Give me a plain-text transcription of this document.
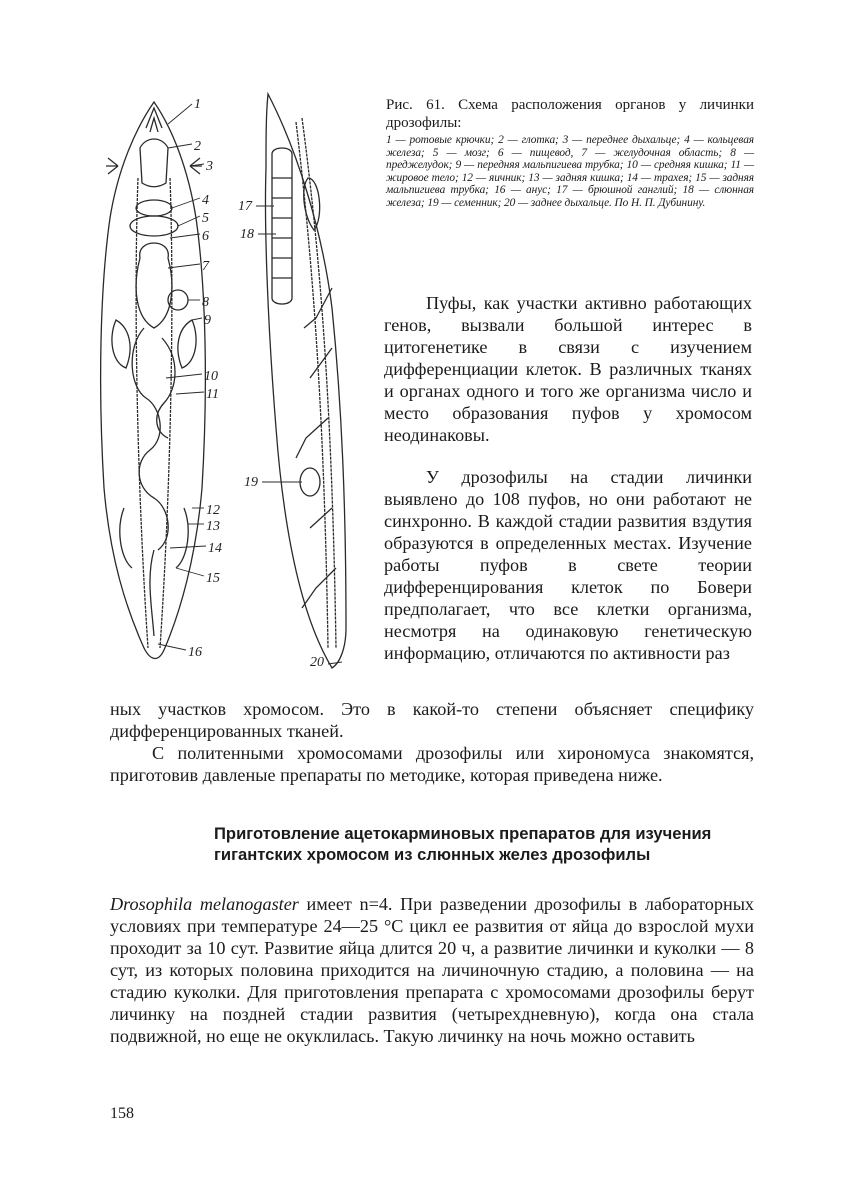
1
2
3
4
5
6
7
8
9
10
11
12
13
14
15
16
17
18
19
20
Рис. 61. Схема расположения органов у личинки дрозофилы:
1 — ротовые крючки; 2 — глотка; 3 — переднее дыхальце; 4 — кольцевая железа; 5 — мозг; 6 — пищевод, 7 — желудочная область; 8 — преджелудок; 9 — передняя мальпигиева трубка; 10 — средняя кишка; 11 — жировое тело; 12 — яичник; 13 — задняя кишка; 14 — трахея; 15 — задняя мальпигиева трубка; 16 — анус; 17 — брюшной ганглий; 18 — слюнная железа; 19 — семенник; 20 — заднее дыхальце. По Н. П. Дубинину.
Пуфы, как участки активно работающих генов, вызвали большой интерес в цитогенетике в связи с изучением дифференциации клеток. В различных тканях и органах одного и того же организма число и место образования пуфов у хромосом неодинаковы.
У дрозофилы на стадии личинки выявлено до 108 пуфов, но они работают не синхронно. В каждой стадии развития вздутия образуются в определенных местах. Изучение работы пуфов в свете теории дифференцирования клеток по Бовери предполагает, что все клетки организма, несмотря на одинаковую генетическую информацию, отличаются по активности раз
ных участков хромосом. Это в какой-то степени объясняет специфику дифференцированных тканей.
С политенными хромосомами дрозофилы или хирономуса знакомятся, приготовив давленые препараты по методике, которая приведена ниже.
Приготовление ацетокарминовых препаратов для изучения гигантских хромосом из слюнных желез дрозофилы
Drosophila melanogaster имеет n=4. При разведении дрозофилы в лабораторных условиях при температуре 24—25 °С цикл ее развития от яйца до взрослой мухи проходит за 10 сут. Развитие яйца длится 20 ч, а развитие личинки и куколки — 8 сут, из которых половина приходится на личиночную стадию, а половина — на стадию куколки. Для приготовления препарата с хромосомами дрозофилы берут личинку на поздней стадии развития (четырехдневную), когда она стала подвижной, но еще не окуклилась. Такую личинку на ночь можно оставить
158
